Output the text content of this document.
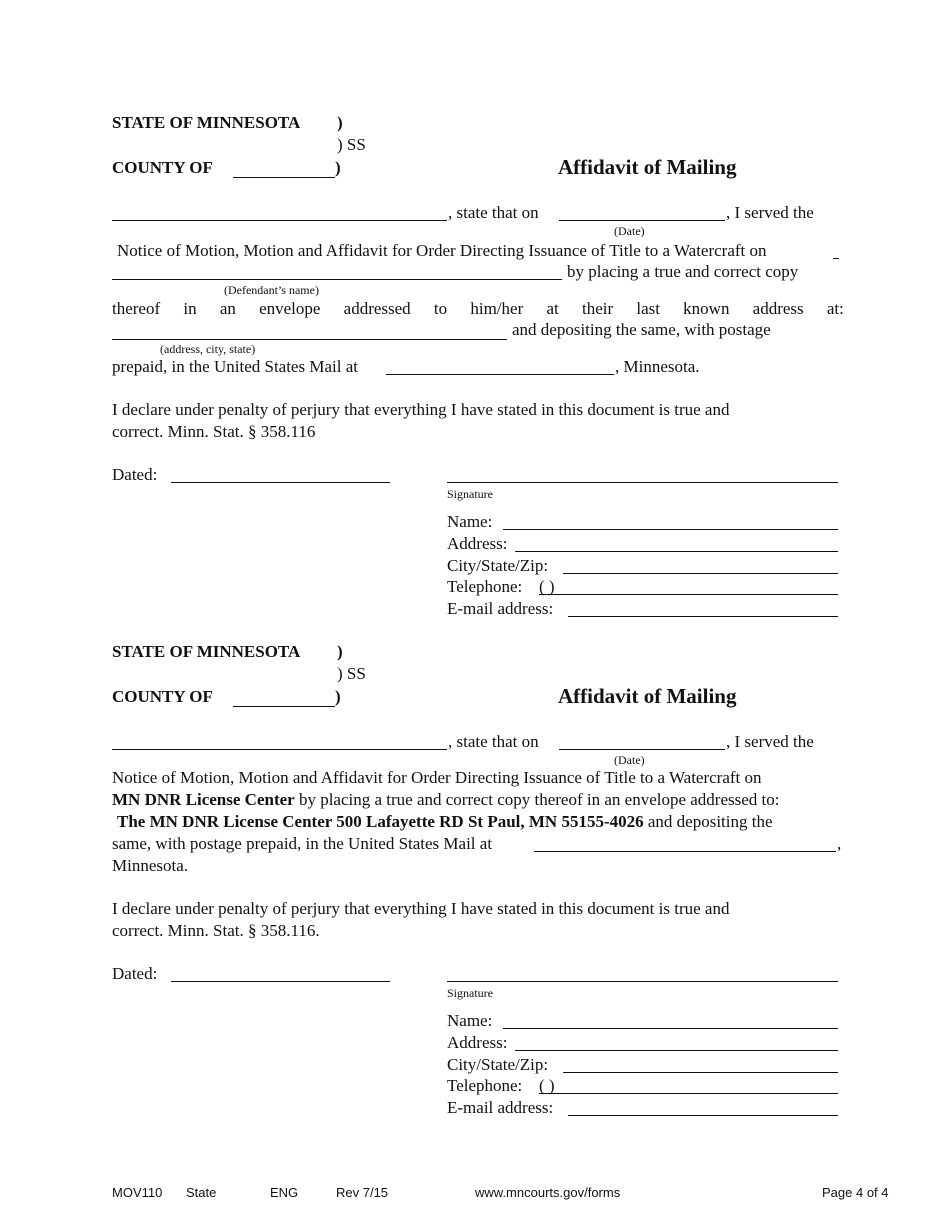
STATE OF MINNESOTA )
) SS
COUNTY OF	)	Affidavit of Mailing
, state that on	, I served the
(Date)
Notice of Motion, Motion and Affidavit for Order Directing Issuance of Title to a Watercraft on
by placing a true and correct copy
(Defendant’s name)
thereof in an envelope addressed to him/her at their last known address at:
and depositing the same, with postage
(address, city, state)
prepaid, in the United States Mail at	, Minnesota.
I declare under penalty of perjury that everything I have stated in this document is true and
correct. Minn. Stat. § 358.116
Dated:
Signature
Name:
Address:
City/State/Zip:
Telephone: ( )
E-mail address:
STATE OF MINNESOTA )
) SS
COUNTY OF	)	Affidavit of Mailing
, state that on	, I served the
(Date)
Notice of Motion, Motion and Affidavit for Order Directing Issuance of Title to a Watercraft on
MN DNR License Center by placing a true and correct copy thereof in an envelope addressed to:
The MN DNR License Center 500 Lafayette RD St Paul, MN 55155-4026 and depositing the
same, with postage prepaid, in the United States Mail at	,
Minnesota.
I declare under penalty of perjury that everything I have stated in this document is true and
correct. Minn. Stat. § 358.116.
Dated:
Signature
Name:
Address:
City/State/Zip:
Telephone: ( )
E-mail address:
MOV110 State	ENG	Rev 7/15	www.mncourts.gov/forms	Page 4 of 4
